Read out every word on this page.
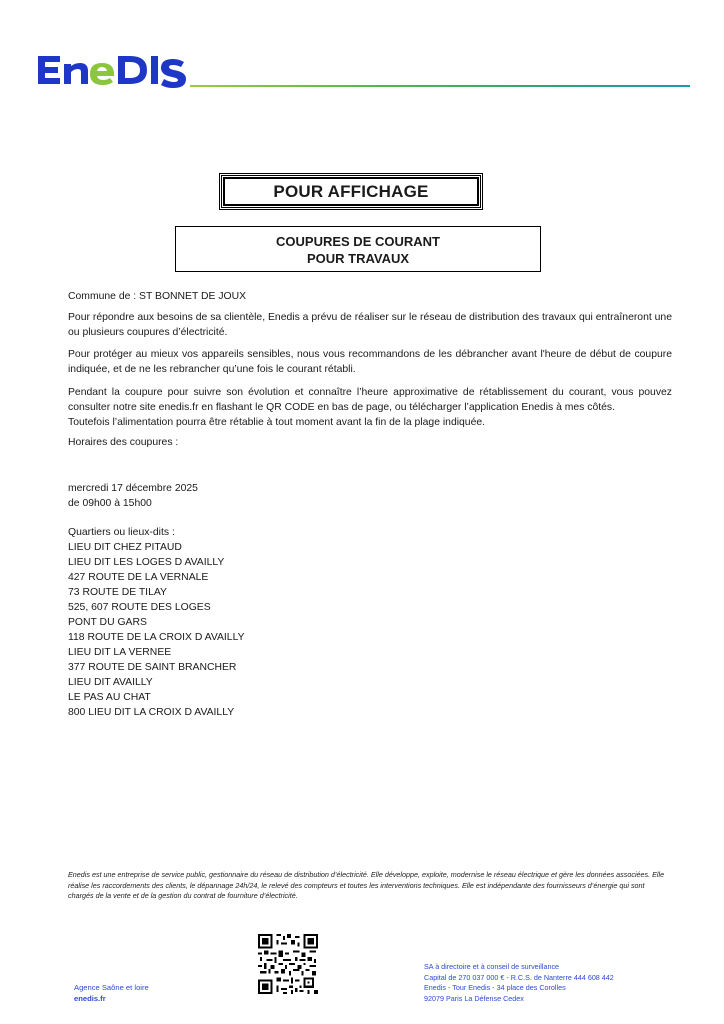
POUR AFFICHAGE
COUPURES DE COURANT
POUR TRAVAUX
Commune de : ST BONNET DE JOUX
Pour répondre aux besoins de sa clientèle, Enedis a prévu de réaliser sur le réseau de distribution des travaux qui entraîneront une ou plusieurs coupures d’électricité.
Pour protéger au mieux vos appareils sensibles, nous vous recommandons de les débrancher avant l'heure de début de coupure indiquée, et de ne les rebrancher qu’une fois le courant rétabli.
Pendant la coupure pour suivre son évolution et connaître l’heure approximative de rétablissement du courant, vous pouvez consulter notre site enedis.fr en flashant le QR CODE en bas de page, ou télécharger l’application Enedis à mes côtés.
Toutefois l’alimentation pourra être rétablie à tout moment avant la fin de la plage indiquée.
Horaires des coupures :
mercredi 17 décembre 2025
de 09h00 à 15h00
Quartiers ou lieux-dits :
LIEU DIT CHEZ PITAUD
LIEU DIT LES LOGES D AVAILLY
427 ROUTE DE LA VERNALE
73 ROUTE DE TILAY
525, 607 ROUTE DES LOGES
PONT DU GARS
118 ROUTE DE LA CROIX D AVAILLY
LIEU DIT LA VERNEE
377 ROUTE DE SAINT BRANCHER
LIEU DIT AVAILLY
LE PAS AU CHAT
800 LIEU DIT LA CROIX D AVAILLY
Enedis est une entreprise de service public, gestionnaire du réseau de distribution d’électricité. Elle développe, exploite, modernise le réseau électrique et gère les données associées. Elle réalise les raccordements des clients, le dépannage 24h/24, le relevé des compteurs et toutes les interventions techniques. Elle est indépendante des fournisseurs d’énergie qui sont chargés de la vente et de la gestion du contrat de fourniture d’électricité.
Agence Saône et loire
enedis.fr
SA à directoire et à conseil de surveillance
Capital de 270 037 000 € - R.C.S. de Nanterre 444 608 442
Enedis - Tour Enedis - 34 place des Corolles
92079 Paris La Défense Cedex
